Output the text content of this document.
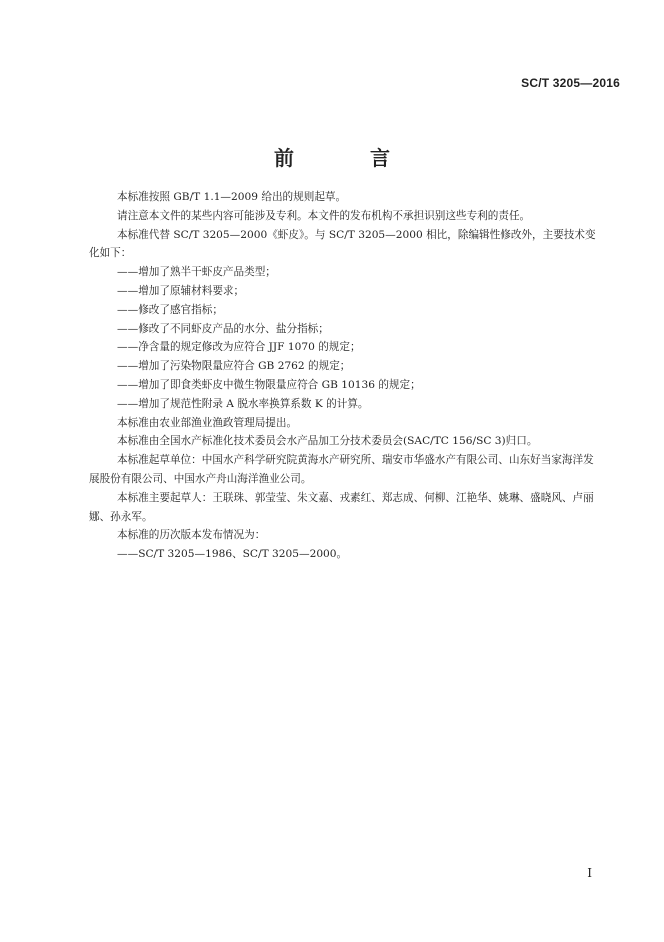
SC/T 3205—2016
前　言

本标准按照 GB/T 1.1—2009 给出的规则起草。

请注意本文件的某些内容可能涉及专利。本文件的发布机构不承担识别这些专利的责任。

本标准代替 SC/T 3205—2000《虾皮》。与 SC/T 3205—2000 相比，除编辑性修改外，主要技术变化如下：

——增加了熟半干虾皮产品类型；

——增加了原辅材料要求；

——修改了感官指标；

——修改了不同虾皮产品的水分、盐分指标；

——净含量的规定修改为应符合 JJF 1070 的规定；

——增加了污染物限量应符合 GB 2762 的规定；

——增加了即食类虾皮中微生物限量应符合 GB 10136 的规定；

——增加了规范性附录 A 脱水率换算系数 K 的计算。

本标准由农业部渔业渔政管理局提出。

本标准由全国水产标准化技术委员会水产品加工分技术委员会(SAC/TC 156/SC 3)归口。

本标准起草单位：中国水产科学研究院黄海水产研究所、瑞安市华盛水产有限公司、山东好当家海洋发展股份有限公司、中国水产舟山海洋渔业公司。

本标准主要起草人：王联珠、郭莹莹、朱文嘉、戎素红、郑志成、何柳、江艳华、姚琳、盛晓风、卢丽娜、孙永军。

本标准的历次版本发布情况为：

——SC/T 3205—1986、SC/T 3205—2000。

I
